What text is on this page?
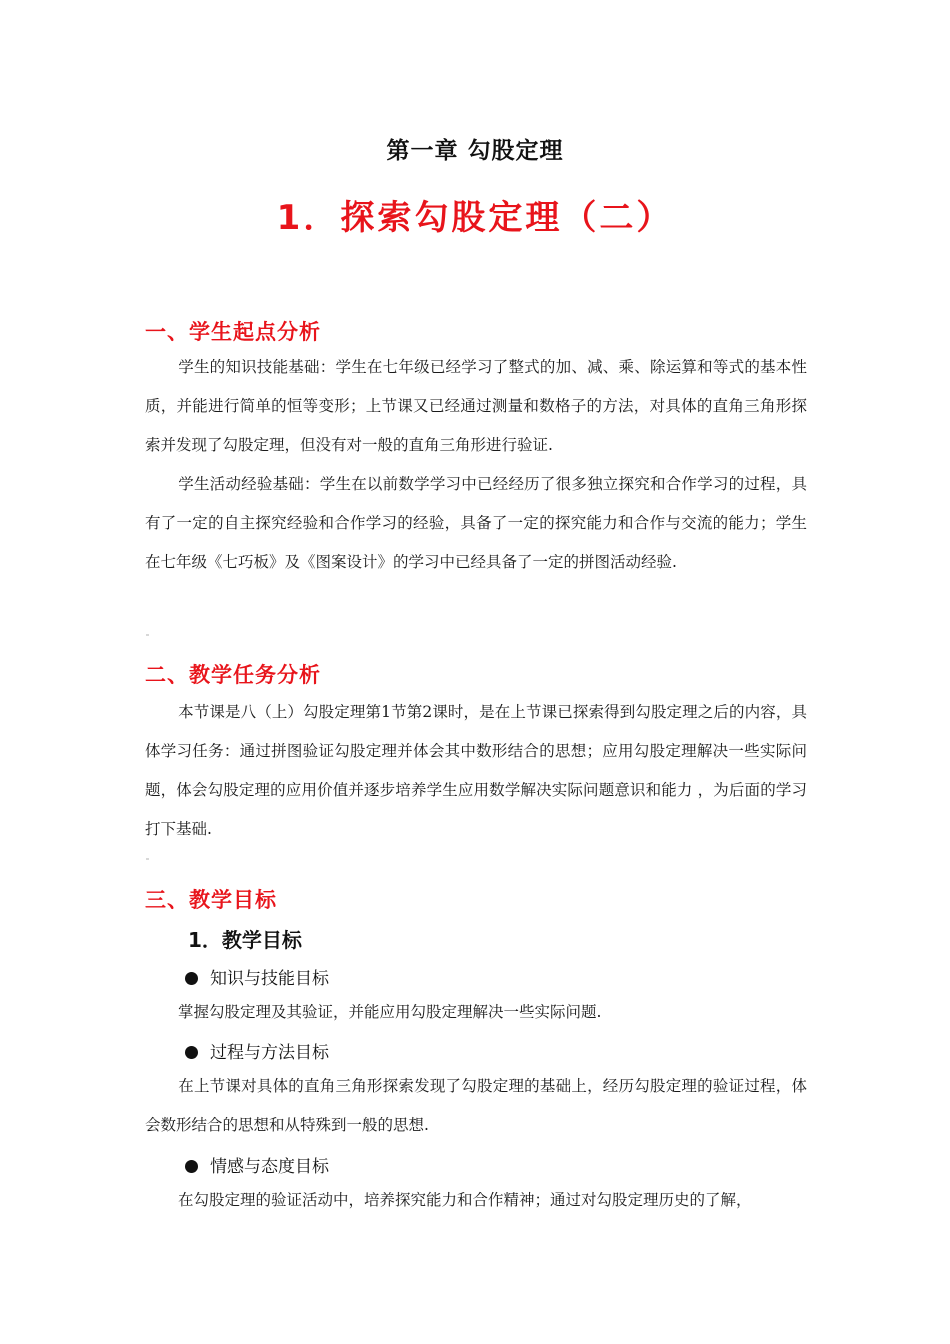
第一章 勾股定理
1．探索勾股定理（二）
一、学生起点分析
学生的知识技能基础：学生在七年级已经学习了整式的加、减、乘、除运算和等式的基本性质，并能进行简单的恒等变形；上节课又已经通过测量和数格子的方法，对具体的直角三角形探索并发现了勾股定理，但没有对一般的直角三角形进行验证.
学生活动经验基础：学生在以前数学学习中已经经历了很多独立探究和合作学习的过程，具有了一定的自主探究经验和合作学习的经验，具备了一定的探究能力和合作与交流的能力；学生在七年级《七巧板》及《图案设计》的学习中已经具备了一定的拼图活动经验.
二、教学任务分析
本节课是八（上）勾股定理第1节第2课时，是在上节课已探索得到勾股定理之后的内容，具体学习任务：通过拼图验证勾股定理并体会其中数形结合的思想；应用勾股定理解决一些实际问题，体会勾股定理的应用价值并逐步培养学生应用数学解决实际问题意识和能力 ，为后面的学习打下基础.
三、教学目标
1．教学目标
知识与技能目标
掌握勾股定理及其验证，并能应用勾股定理解决一些实际问题.
过程与方法目标
在上节课对具体的直角三角形探索发现了勾股定理的基础上，经历勾股定理的验证过程，体会数形结合的思想和从特殊到一般的思想.
情感与态度目标
在勾股定理的验证活动中，培养探究能力和合作精神；通过对勾股定理历史的了解，
